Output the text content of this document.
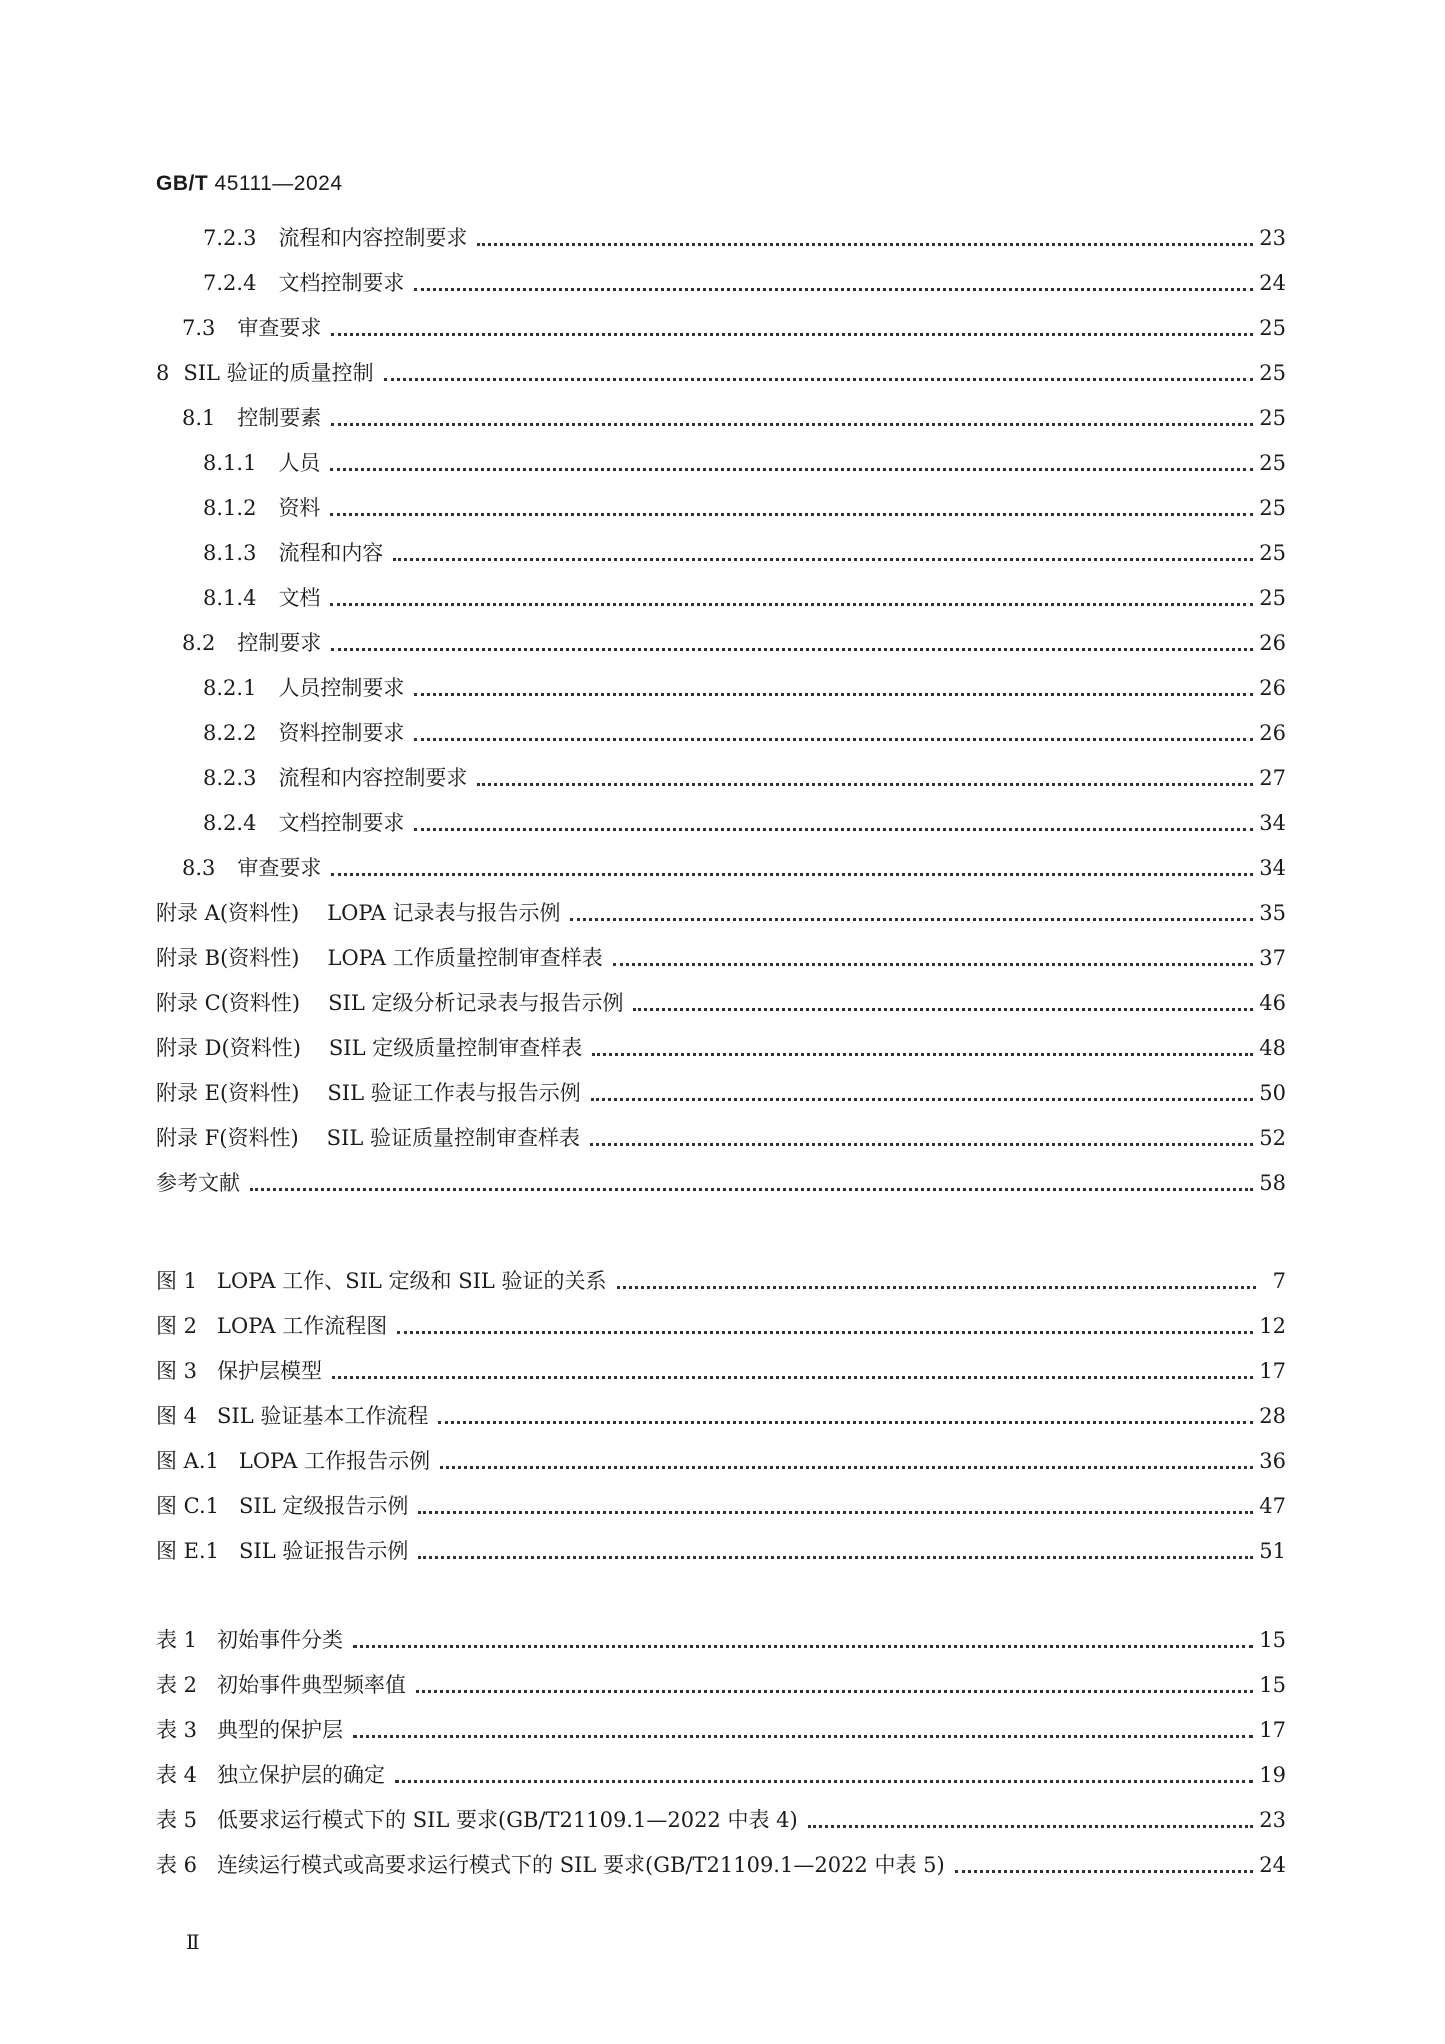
GB/T 45111—2024
7.2.3 流程和内容控制要求	23
7.2.4 文档控制要求	24
7.3 审查要求	25
8 SIL 验证的质量控制	25
8.1 控制要素	25
8.1.1 人员	25
8.1.2 资料	25
8.1.3 流程和内容	25
8.1.4 文档	25
8.2 控制要求	26
8.2.1 人员控制要求	26
8.2.2 资料控制要求	26
8.2.3 流程和内容控制要求	27
8.2.4 文档控制要求	34
8.3 审查要求	34
附录 A(资料性) LOPA 记录表与报告示例	35
附录 B(资料性) LOPA 工作质量控制审查样表	37
附录 C(资料性) SIL 定级分析记录表与报告示例	46
附录 D(资料性) SIL 定级质量控制审查样表	48
附录 E(资料性) SIL 验证工作表与报告示例	50
附录 F(资料性) SIL 验证质量控制审查样表	52
参考文献	58
图 1 LOPA 工作、SIL 定级和 SIL 验证的关系	7
图 2 LOPA 工作流程图	12
图 3 保护层模型	17
图 4 SIL 验证基本工作流程	28
图 A.1 LOPA 工作报告示例	36
图 C.1 SIL 定级报告示例	47
图 E.1 SIL 验证报告示例	51
表 1 初始事件分类	15
表 2 初始事件典型频率值	15
表 3 典型的保护层	17
表 4 独立保护层的确定	19
表 5 低要求运行模式下的 SIL 要求(GB/T21109.1—2022 中表 4)	23
表 6 连续运行模式或高要求运行模式下的 SIL 要求(GB/T21109.1—2022 中表 5)	24
Ⅱ
